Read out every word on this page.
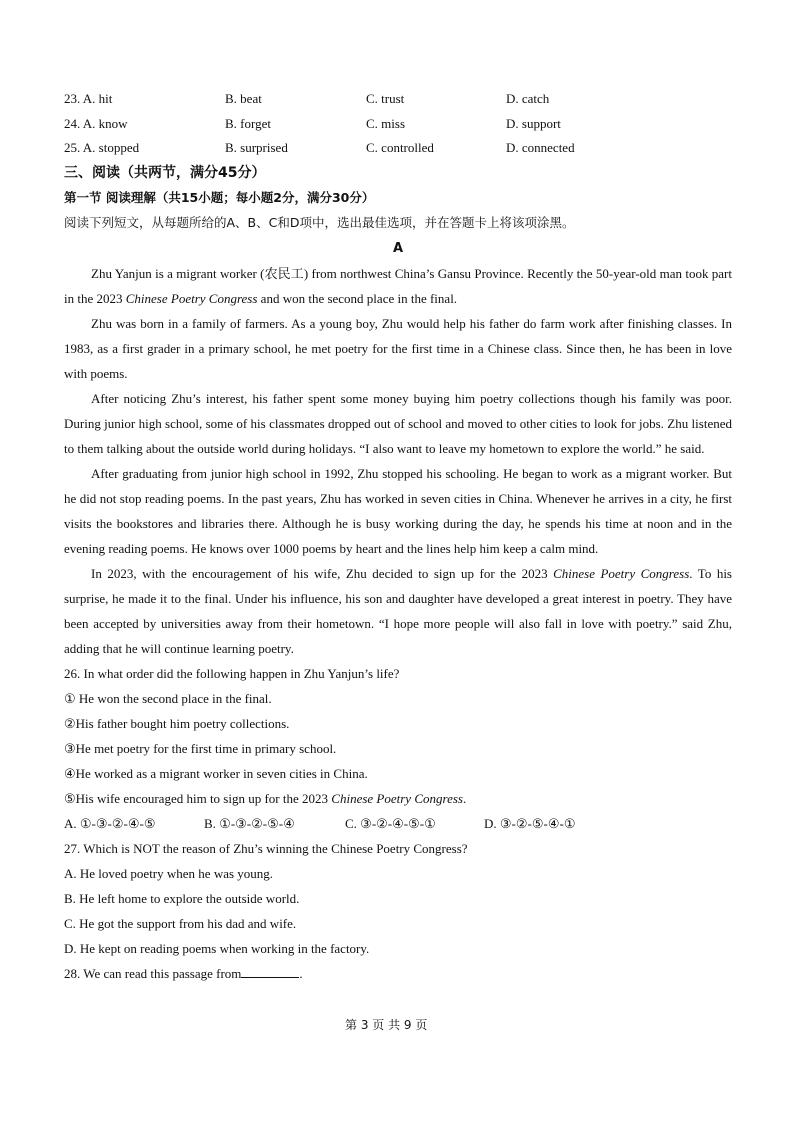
23. A. hit	B. beat	C. trust	D. catch
24. A. know	B. forget	C. miss	D. support
25. A. stopped	B. surprised	C. controlled	D. connected
三、阅读（共两节，满分45分）
第一节 阅读理解（共15小题；每小题2分，满分30分）
阅读下列短文，从每题所给的A、B、C和D项中，选出最佳选项，并在答题卡上将该项涂黑。
A

Zhu Yanjun is a migrant worker (农民工) from northwest China’s Gansu Province. Recently the 50-year-old man took part in the 2023 Chinese Poetry Congress and won the second place in the final.

Zhu was born in a family of farmers. As a young boy, Zhu would help his father do farm work after finishing classes. In 1983, as a first grader in a primary school, he met poetry for the first time in a Chinese class. Since then, he has been in love with poems.

After noticing Zhu’s interest, his father spent some money buying him poetry collections though his family was poor. During junior high school, some of his classmates dropped out of school and moved to other cities to look for jobs. Zhu listened to them talking about the outside world during holidays. “I also want to leave my hometown to explore the world.” he said.

After graduating from junior high school in 1992, Zhu stopped his schooling. He began to work as a migrant worker. But he did not stop reading poems. In the past years, Zhu has worked in seven cities in China. Whenever he arrives in a city, he first visits the bookstores and libraries there. Although he is busy working during the day, he spends his time at noon and in the evening reading poems. He knows over 1000 poems by heart and the lines help him keep a calm mind.

In 2023, with the encouragement of his wife, Zhu decided to sign up for the 2023 Chinese Poetry Congress. To his surprise, he made it to the final. Under his influence, his son and daughter have developed a great interest in poetry. They have been accepted by universities away from their hometown. “I hope more people will also fall in love with poetry.” said Zhu, adding that he will continue learning poetry.

26. In what order did the following happen in Zhu Yanjun’s life?
① He won the second place in the final.
②His father bought him poetry collections.
③He met poetry for the first time in primary school.
④He worked as a migrant worker in seven cities in China.
⑤His wife encouraged him to sign up for the 2023 Chinese Poetry Congress.
A. ①-③-②-④-⑤	B. ①-③-②-⑤-④	C. ③-②-④-⑤-①	D. ③-②-⑤-④-①
27. Which is NOT the reason of Zhu’s winning the Chinese Poetry Congress?
A. He loved poetry when he was young.
B. He left home to explore the outside world.
C. He got the support from his dad and wife.
D. He kept on reading poems when working in the factory.
28. We can read this passage from	.
第 3 页 共 9 页
